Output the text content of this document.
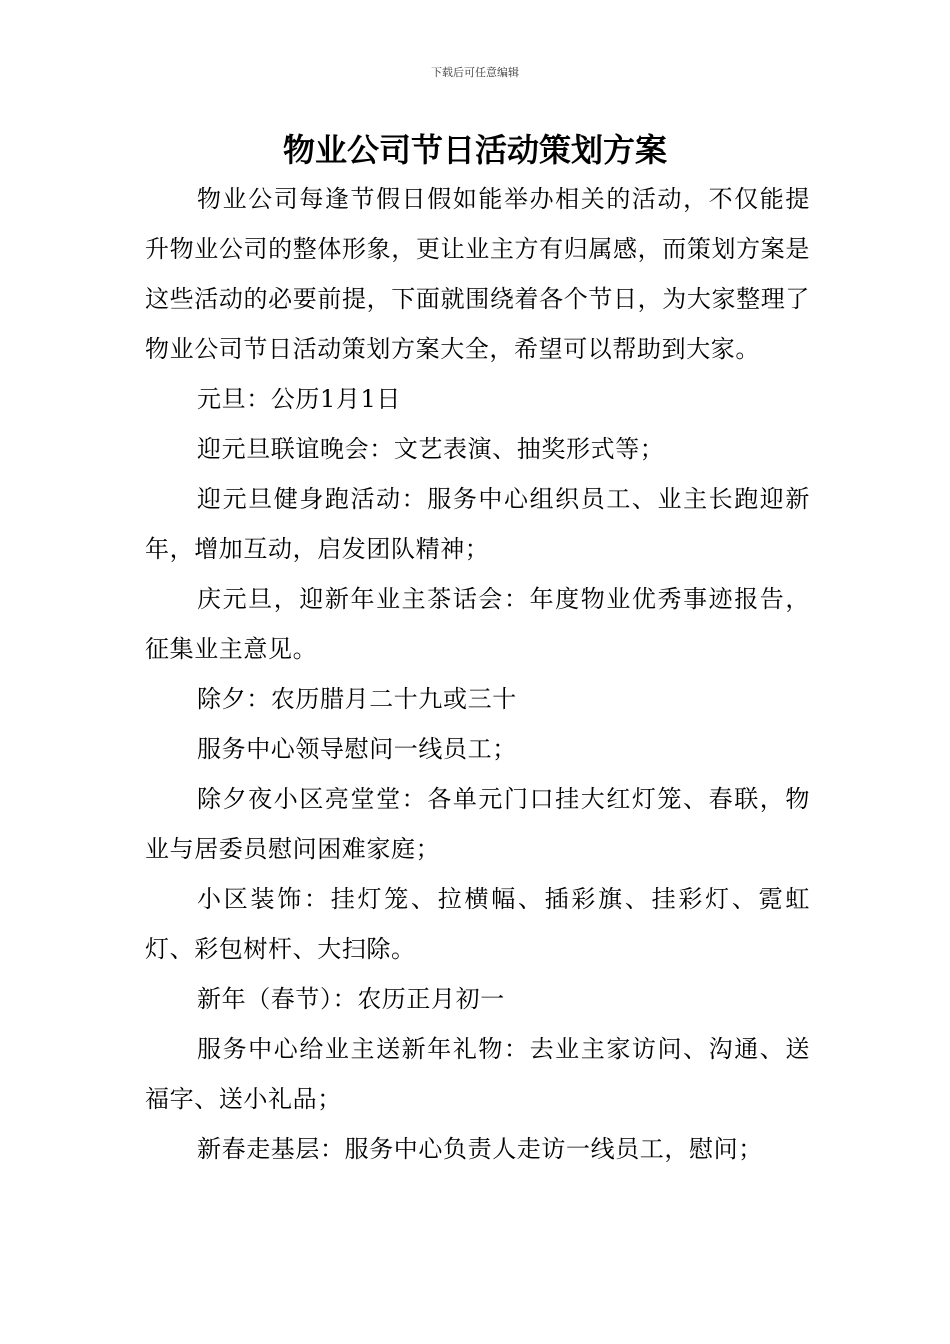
下载后可任意编辑
物业公司节日活动策划方案

物业公司每逢节假日假如能举办相关的活动，不仅能提升物业公司的整体形象，更让业主方有归属感，而策划方案是这些活动的必要前提，下面就围绕着各个节日，为大家整理了物业公司节日活动策划方案大全，希望可以帮助到大家。

元旦：公历1月1日

迎元旦联谊晚会：文艺表演、抽奖形式等；

迎元旦健身跑活动：服务中心组织员工、业主长跑迎新年，增加互动，启发团队精神；

庆元旦，迎新年业主茶话会：年度物业优秀事迹报告，征集业主意见。

除夕：农历腊月二十九或三十

服务中心领导慰问一线员工；

除夕夜小区亮堂堂：各单元门口挂大红灯笼、春联，物业与居委员慰问困难家庭；

小区装饰：挂灯笼、拉横幅、插彩旗、挂彩灯、霓虹灯、彩包树杆、大扫除。

新年（春节）：农历正月初一

服务中心给业主送新年礼物：去业主家访问、沟通、送福字、送小礼品；

新春走基层：服务中心负责人走访一线员工，慰问；
